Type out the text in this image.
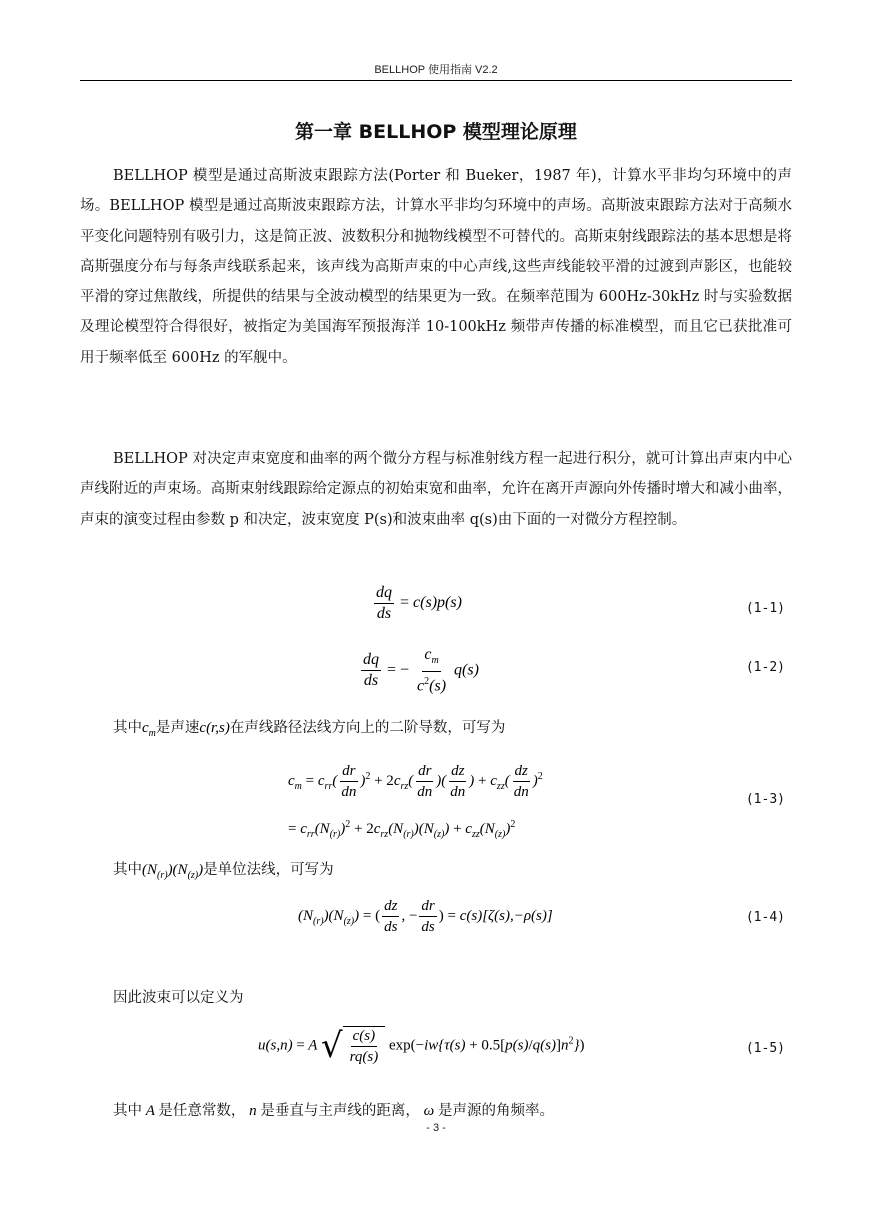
BELLHOP 使用指南 V2.2
第一章 BELLHOP 模型理论原理

BELLHOP 模型是通过高斯波束跟踪方法(Porter 和 Bueker，1987 年)，计算水平非均匀环境中的声场。BELLHOP 模型是通过高斯波束跟踪方法，计算水平非均匀环境中的声场。高斯波束跟踪方法对于高频水平变化问题特别有吸引力，这是简正波、波数积分和抛物线模型不可替代的。高斯束射线跟踪法的基本思想是将高斯强度分布与每条声线联系起来，该声线为高斯声束的中心声线,这些声线能较平滑的过渡到声影区，也能较平滑的穿过焦散线，所提供的结果与全波动模型的结果更为一致。在频率范围为 600Hz-30kHz 时与实验数据及理论模型符合得很好，被指定为美国海军预报海洋 10-100kHz 频带声传播的标准模型，而且它已获批准可用于频率低至 600Hz 的军舰中。

BELLHOP 对决定声束宽度和曲率的两个微分方程与标准射线方程一起进行积分，就可计算出声束内中心声线附近的声束场。高斯束射线跟踪给定源点的初始束宽和曲率，允许在离开声源向外传播时增大和减小曲率，声束的演变过程由参数 p 和决定，波束宽度 P(s)和波束曲率 q(s)由下面的一对微分方程控制。

$\frac{dq}{ds} = c(s)p(s)$	(1-1)
$\frac{dq}{ds}$ = − $\frac{c_m}{c^2(s)} q(s)$	(1-2)
其中$c_m$是声速c(r,s)在声线路径法线方向上的二阶导数，可写为
$c_m = c_{rr}( \frac{dr}{dn} )^2 + 2c_{rz}( \frac{dr}{dn}$ )( $\frac{dz}{dn}$ ) + $c_{zz}( \frac{dz}{dn} )^2$
= $c_{rr}(N_{(r)})^2 + 2c_{rz}(N_{(r)})(N_{(z)}) + c_{zz}(N_{(z)})^2$
(1-3)
其中$(N_{(r)})(N_{(z)})$是单位法线，可写为
$(N_{(r)})(N_{(z)})$ = ( $\frac{dz}{ds}$ , − $\frac{dr}{ds}$ ) = c(s)[ζ(s),−ρ(s)]	(1-4)
因此波束可以定义为
u(s,n) = A √ $\frac{c(s)}{rq(s)} \exp(-iw\{\tau(s) + 0.5[p(s)/q(s)]n^2\})$	(1-5)
其中 A 是任意常数， n 是垂直与主声线的距离， ω 是声源的角频率。
- 3 -
